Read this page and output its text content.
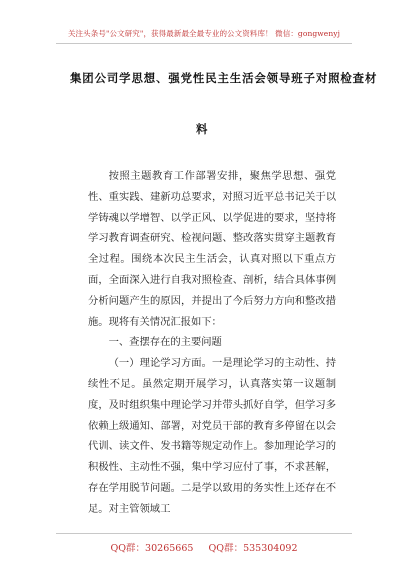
关注头条号"公文研究"，获得最新最全最专业的公文资料库！ 微信：gongwenyj
集团公司学思想、强党性民主生活会领导班子对照检查材
料

按照主题教育工作部署安排，聚焦学思想、强党性、重实践、建新功总要求，对照习近平总书记关于以学铸魂以学增智、以学正风、以学促进的要求，坚持将学习教育调查研究、检视问题、整改落实贯穿主题教育全过程。围绕本次民主生活会，认真对照以下重点方面，全面深入进行自我对照检查、剖析，结合具体事例分析问题产生的原因，并提出了今后努力方向和整改措施。现将有关情况汇报如下：

一、查摆存在的主要问题

（一）理论学习方面。一是理论学习的主动性、持续性不足。虽然定期开展学习，认真落实第一议题制度，及时组织集中理论学习并带头抓好自学，但学习多依赖上级通知、部署，对党员干部的教育多停留在以会代训、读文件、发书籍等规定动作上。参加理论学习的积极性、主动性不强，集中学习应付了事，不求甚解，存在学用脱节问题。二是学以致用的务实性上还存在不足。对主管领域工

QQ群：30265665     QQ群：535304092
